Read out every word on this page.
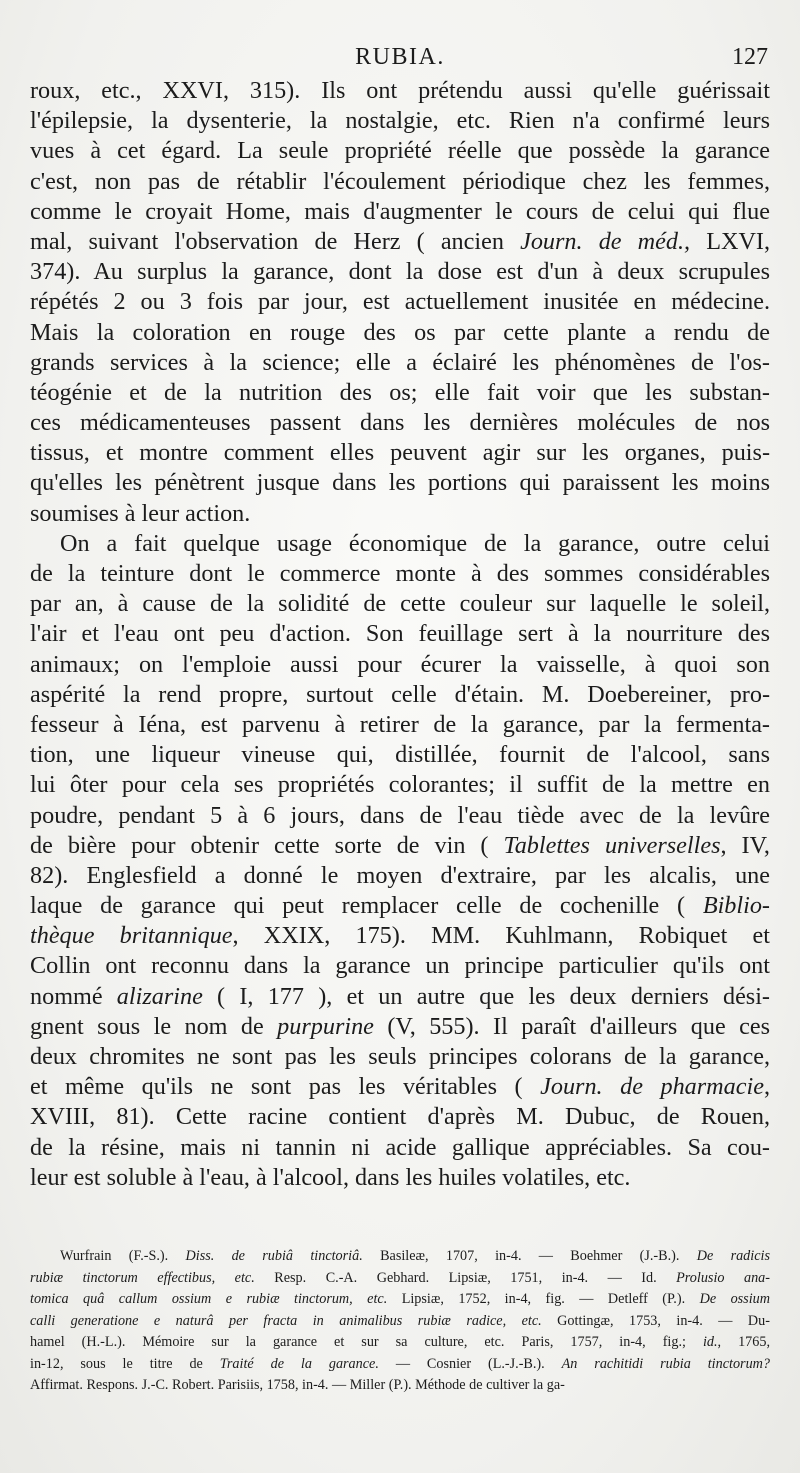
RUBIA.	127
roux, etc., XXVI, 315). Ils ont prétendu aussi qu'elle guérissait
l'épilepsie, la dysenterie, la nostalgie, etc. Rien n'a confirmé leurs
vues à cet égard. La seule propriété réelle que possède la garance
c'est, non pas de rétablir l'écoulement périodique chez les femmes,
comme le croyait Home, mais d'augmenter le cours de celui qui flue
mal, suivant l'observation de Herz ( ancien Journ. de méd., LXVI,
374). Au surplus la garance, dont la dose est d'un à deux scrupules
répétés 2 ou 3 fois par jour, est actuellement inusitée en médecine.
Mais la coloration en rouge des os par cette plante a rendu de
grands services à la science; elle a éclairé les phénomènes de l'os-
téogénie et de la nutrition des os; elle fait voir que les substan-
ces médicamenteuses passent dans les dernières molécules de nos
tissus, et montre comment elles peuvent agir sur les organes, puis-
qu'elles les pénètrent jusque dans les portions qui paraissent les moins
soumises à leur action.
On a fait quelque usage économique de la garance, outre celui
de la teinture dont le commerce monte à des sommes considérables
par an, à cause de la solidité de cette couleur sur laquelle le soleil,
l'air et l'eau ont peu d'action. Son feuillage sert à la nourriture des
animaux; on l'emploie aussi pour écurer la vaisselle, à quoi son
aspérité la rend propre, surtout celle d'étain. M. Doebereiner, pro-
fesseur à Iéna, est parvenu à retirer de la garance, par la fermenta-
tion, une liqueur vineuse qui, distillée, fournit de l'alcool, sans
lui ôter pour cela ses propriétés colorantes; il suffit de la mettre en
poudre, pendant 5 à 6 jours, dans de l'eau tiède avec de la levûre
de bière pour obtenir cette sorte de vin ( Tablettes universelles, IV,
82). Englesfield a donné le moyen d'extraire, par les alcalis, une
laque de garance qui peut remplacer celle de cochenille ( Biblio-
thèque britannique, XXIX, 175). MM. Kuhlmann, Robiquet et
Collin ont reconnu dans la garance un principe particulier qu'ils ont
nommé alizarine ( I, 177 ), et un autre que les deux derniers dési-
gnent sous le nom de purpurine (V, 555). Il paraît d'ailleurs que ces
deux chromites ne sont pas les seuls principes colorans de la garance,
et même qu'ils ne sont pas les véritables ( Journ. de pharmacie,
XVIII, 81). Cette racine contient d'après M. Dubuc, de Rouen,
de la résine, mais ni tannin ni acide gallique appréciables. Sa cou-
leur est soluble à l'eau, à l'alcool, dans les huiles volatiles, etc.
Wurfrain (F.-S.). Diss. de rubiâ tinctoriâ. Basileæ, 1707, in-4. — Boehmer (J.-B.). De radicis
rubiæ tinctorum effectibus, etc. Resp. C.-A. Gebhard. Lipsiæ, 1751, in-4. — Id. Prolusio ana-
tomica quâ callum ossium e rubiæ tinctorum, etc. Lipsiæ, 1752, in-4, fig. — Detleff (P.). De ossium
calli generatione e naturâ per fracta in animalibus rubiæ radice, etc. Gottingæ, 1753, in-4. — Du-
hamel (H.-L.). Mémoire sur la garance et sur sa culture, etc. Paris, 1757, in-4, fig.; id., 1765,
in-12, sous le titre de Traité de la garance. — Cosnier (L.-J.-B.). An rachitidi rubia tinctorum?
Affirmat. Respons. J.-C. Robert. Parisiis, 1758, in-4. — Miller (P.). Méthode de cultiver la ga-
